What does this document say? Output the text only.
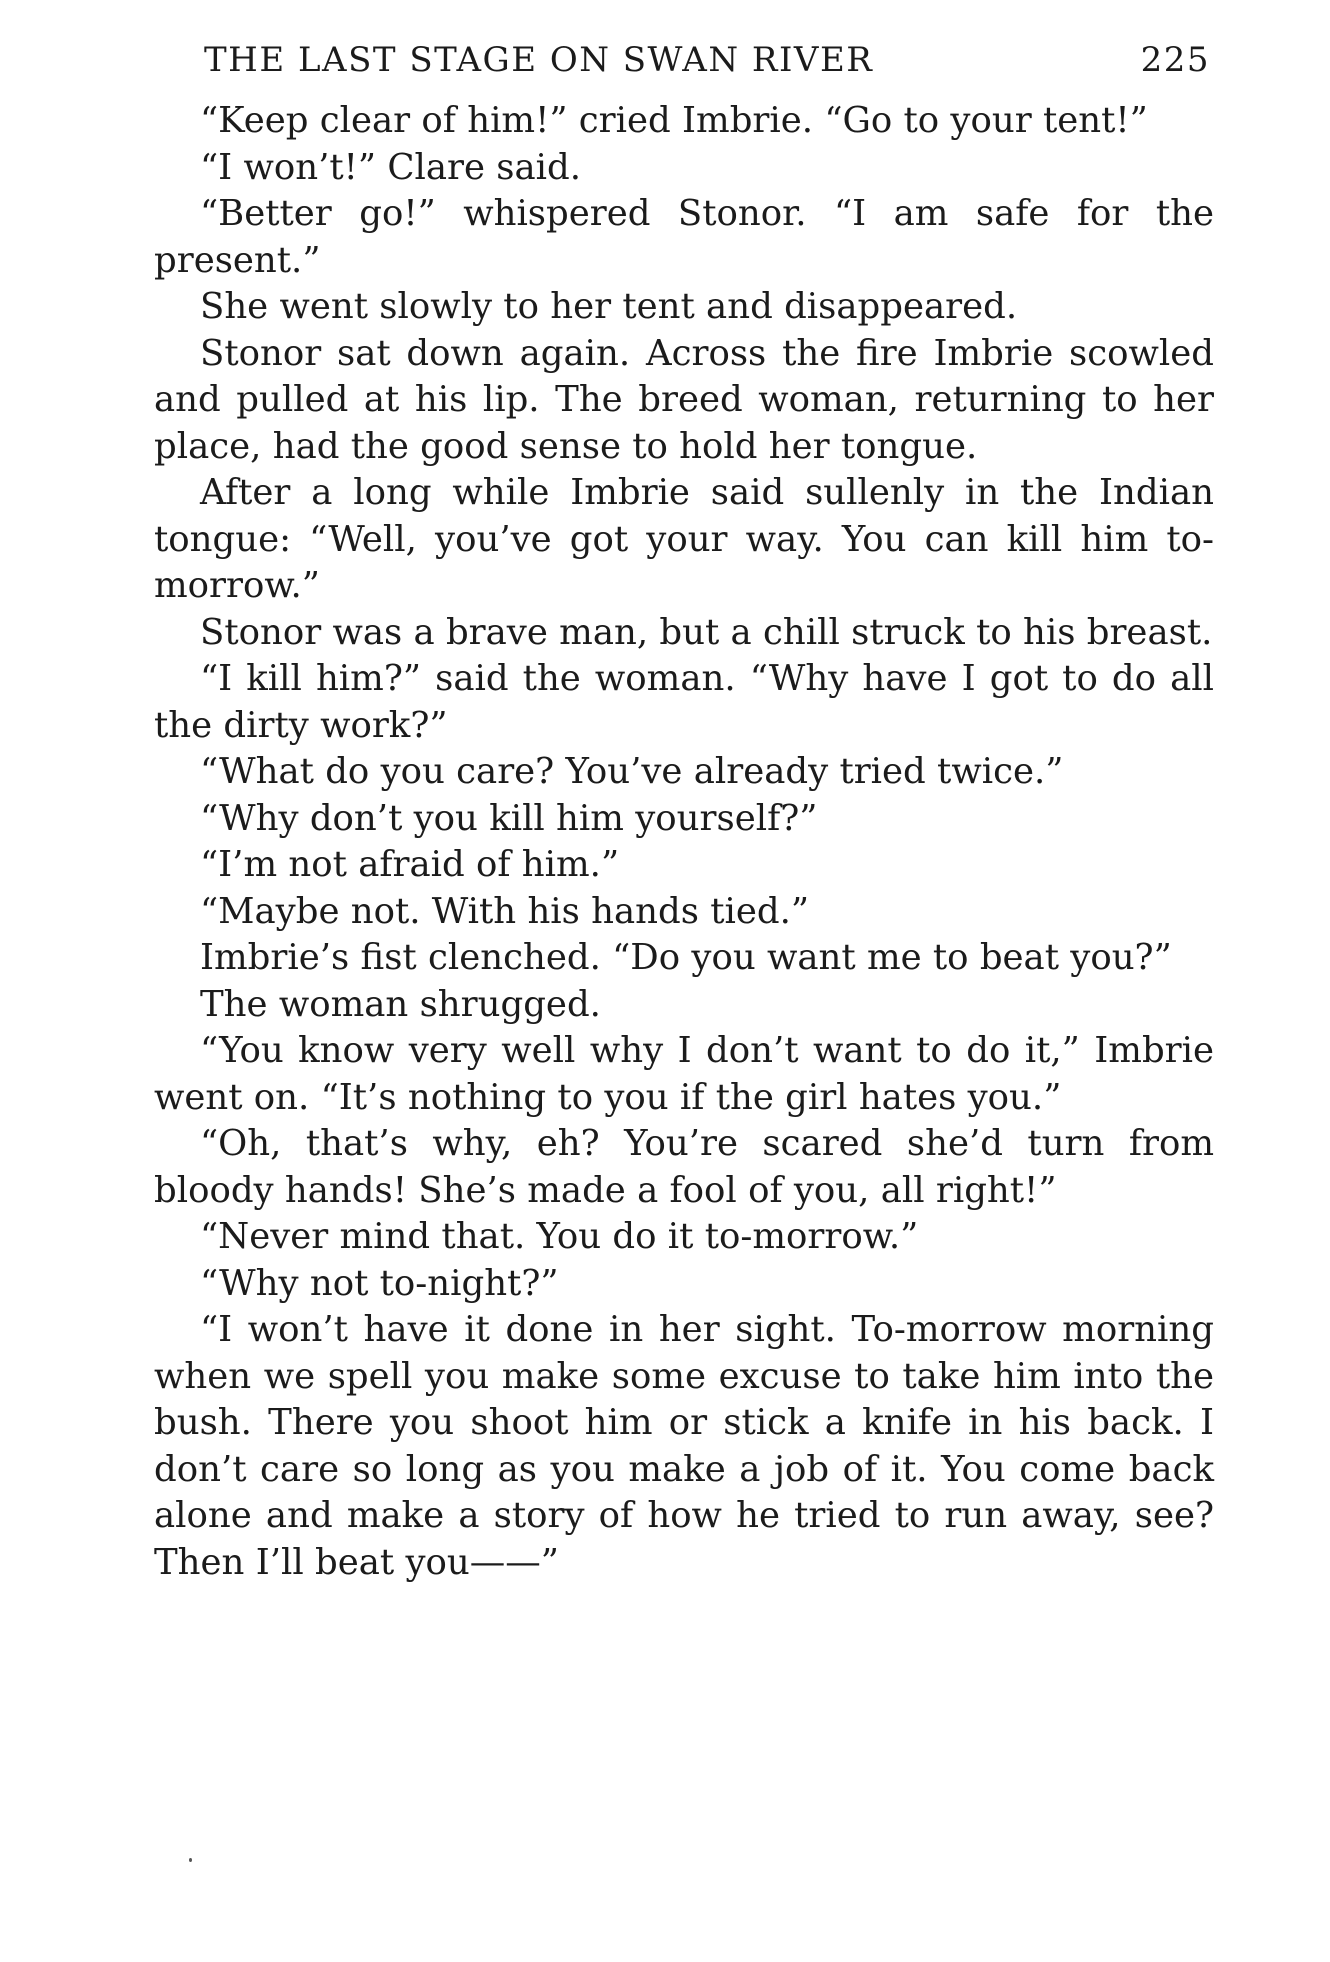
THE LAST STAGE ON SWAN RIVER	225

“Keep clear of him!” cried Imbrie. “Go to your tent!”

“I won’t!” Clare said.

“Better go!” whispered Stonor. “I am safe for the present.”

She went slowly to her tent and disappeared.

Stonor sat down again. Across the fire Imbrie scowled and pulled at his lip. The breed woman, returning to her place, had the good sense to hold her tongue.

After a long while Imbrie said sullenly in the Indian tongue: “Well, you’ve got your way. You can kill him to-morrow.”

Stonor was a brave man, but a chill struck to his breast.

“I kill him?” said the woman. “Why have I got to do all the dirty work?”

“What do you care? You’ve already tried twice.”

“Why don’t you kill him yourself?”

“I’m not afraid of him.”

“Maybe not. With his hands tied.”

Imbrie’s fist clenched. “Do you want me to beat you?”

The woman shrugged.

“You know very well why I don’t want to do it,” Imbrie went on. “It’s nothing to you if the girl hates you.”

“Oh, that’s why, eh? You’re scared she’d turn from bloody hands! She’s made a fool of you, all right!”

“Never mind that. You do it to-morrow.”

“Why not to-night?”

“I won’t have it done in her sight. To-morrow morning when we spell you make some excuse to take him into the bush. There you shoot him or stick a knife in his back. I don’t care so long as you make a job of it. You come back alone and make a story of how he tried to run away, see? Then I’ll beat you——”
